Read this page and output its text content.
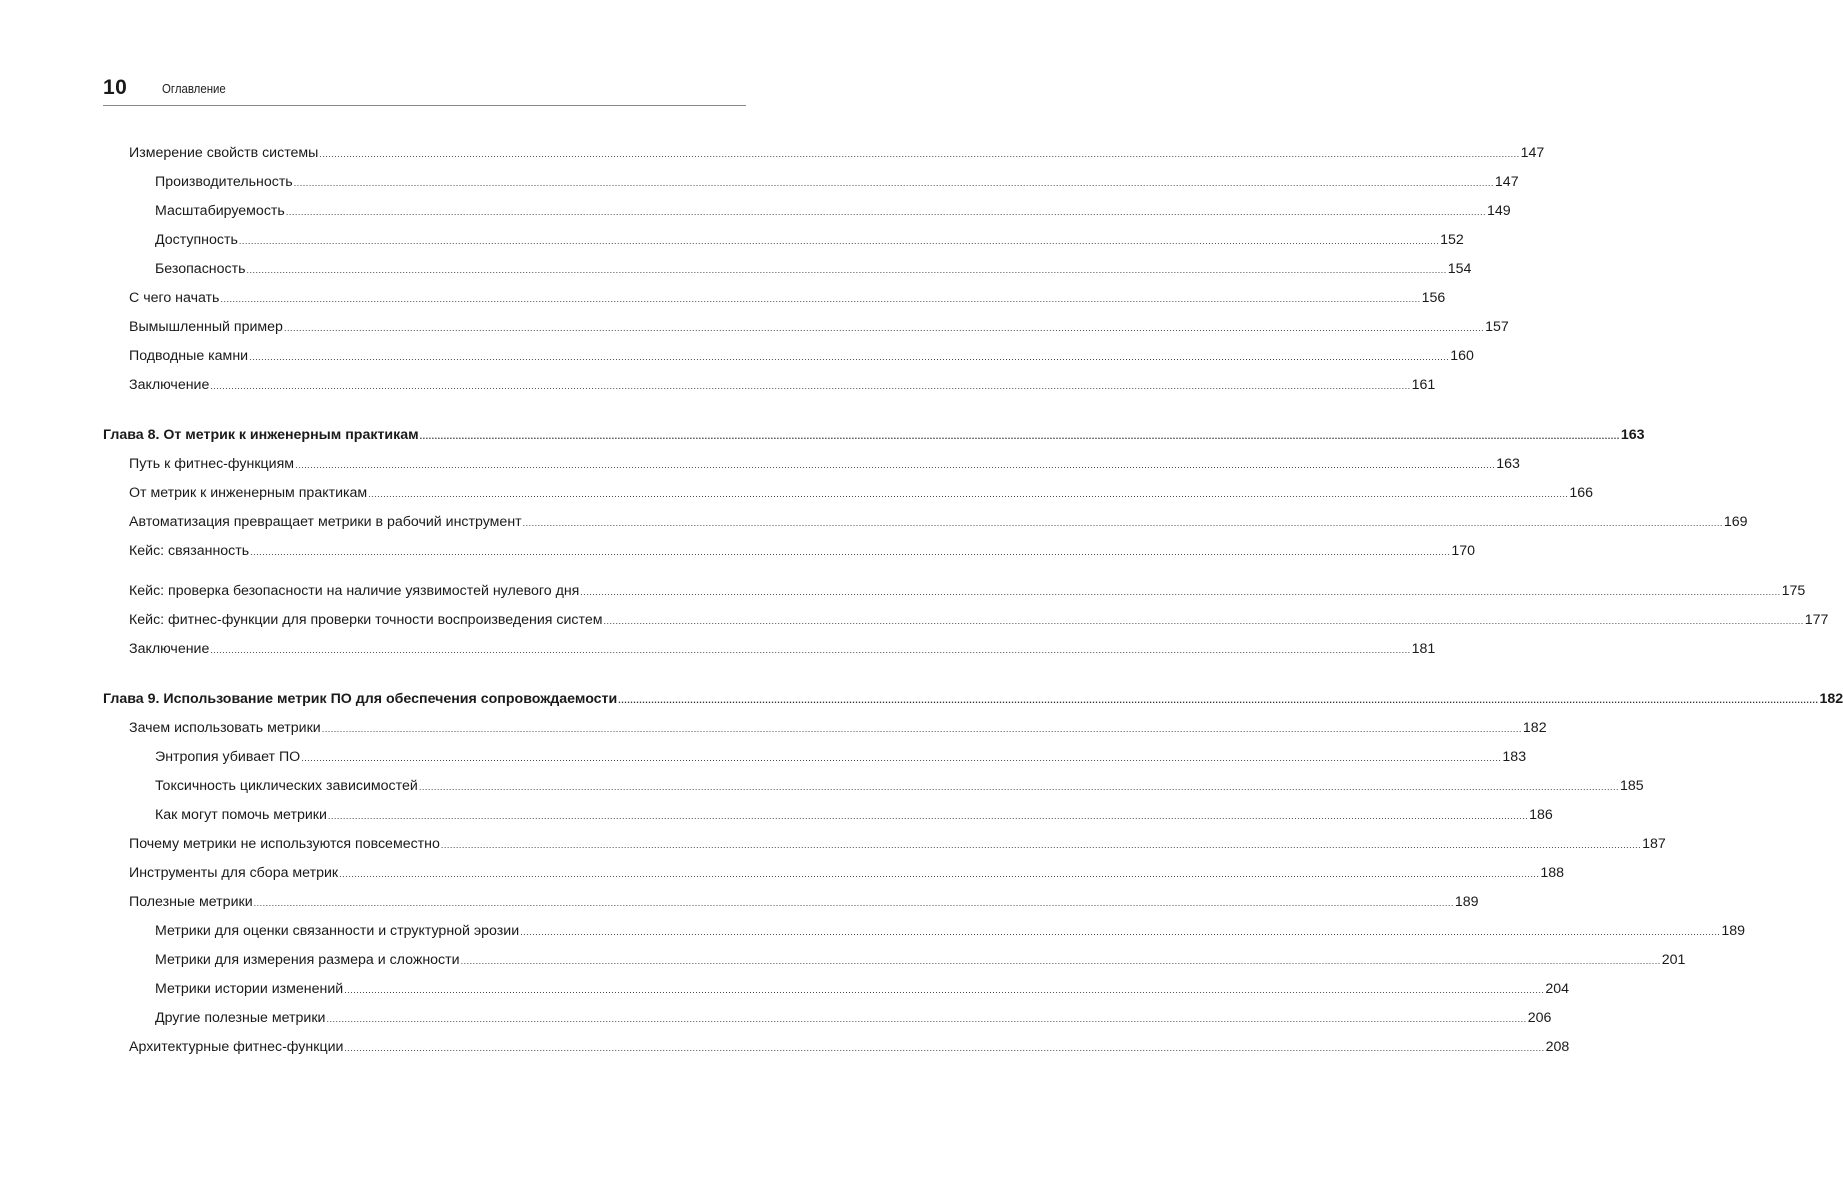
10	Оглавление
Измерение свойств системы ................................................................................................................................................................................................................................................................................................................................................................................................................ 147
Производительность ................................................................................................................................................................................................................................................................................................................................................................................................................ 147
Масштабируемость ................................................................................................................................................................................................................................................................................................................................................................................................................ 149
Доступность ................................................................................................................................................................................................................................................................................................................................................................................................................ 152
Безопасность ................................................................................................................................................................................................................................................................................................................................................................................................................ 154
С чего начать ................................................................................................................................................................................................................................................................................................................................................................................................................ 156
Вымышленный пример ................................................................................................................................................................................................................................................................................................................................................................................................................ 157
Подводные камни ................................................................................................................................................................................................................................................................................................................................................................................................................ 160
Заключение ................................................................................................................................................................................................................................................................................................................................................................................................................ 161
Глава 8. От метрик к инженерным практикам ................................................................................................................................................................................................................................................................................................................................................................................................................ 163
Путь к фитнес-функциям ................................................................................................................................................................................................................................................................................................................................................................................................................ 163
От метрик к инженерным практикам ................................................................................................................................................................................................................................................................................................................................................................................................................ 166
Автоматизация превращает метрики в рабочий инструмент ................................................................................................................................................................................................................................................................................................................................................................................................................ 169
Кейс: связанность ................................................................................................................................................................................................................................................................................................................................................................................................................ 170
Кейс: проверка безопасности на наличие уязвимостей нулевого дня ................................................................................................................................................................................................................................................................................................................................................................................................................ 175
Кейс: фитнес-функции для проверки точности воспроизведения систем ................................................................................................................................................................................................................................................................................................................................................................................................................ 177
Заключение ................................................................................................................................................................................................................................................................................................................................................................................................................ 181
Глава 9. Использование метрик ПО для обеспечения сопровождаемости ................................................................................................................................................................................................................................................................................................................................................................................................................ 182
Зачем использовать метрики ................................................................................................................................................................................................................................................................................................................................................................................................................ 182
Энтропия убивает ПО ................................................................................................................................................................................................................................................................................................................................................................................................................ 183
Токсичность циклических зависимостей ................................................................................................................................................................................................................................................................................................................................................................................................................ 185
Как могут помочь метрики ................................................................................................................................................................................................................................................................................................................................................................................................................ 186
Почему метрики не используются повсеместно ................................................................................................................................................................................................................................................................................................................................................................................................................ 187
Инструменты для сбора метрик ................................................................................................................................................................................................................................................................................................................................................................................................................ 188
Полезные метрики ................................................................................................................................................................................................................................................................................................................................................................................................................ 189
Метрики для оценки связанности и структурной эрозии ................................................................................................................................................................................................................................................................................................................................................................................................................ 189
Метрики для измерения размера и сложности ................................................................................................................................................................................................................................................................................................................................................................................................................ 201
Метрики истории изменений ................................................................................................................................................................................................................................................................................................................................................................................................................ 204
Другие полезные метрики ................................................................................................................................................................................................................................................................................................................................................................................................................ 206
Архитектурные фитнес-функции ................................................................................................................................................................................................................................................................................................................................................................................................................ 208
